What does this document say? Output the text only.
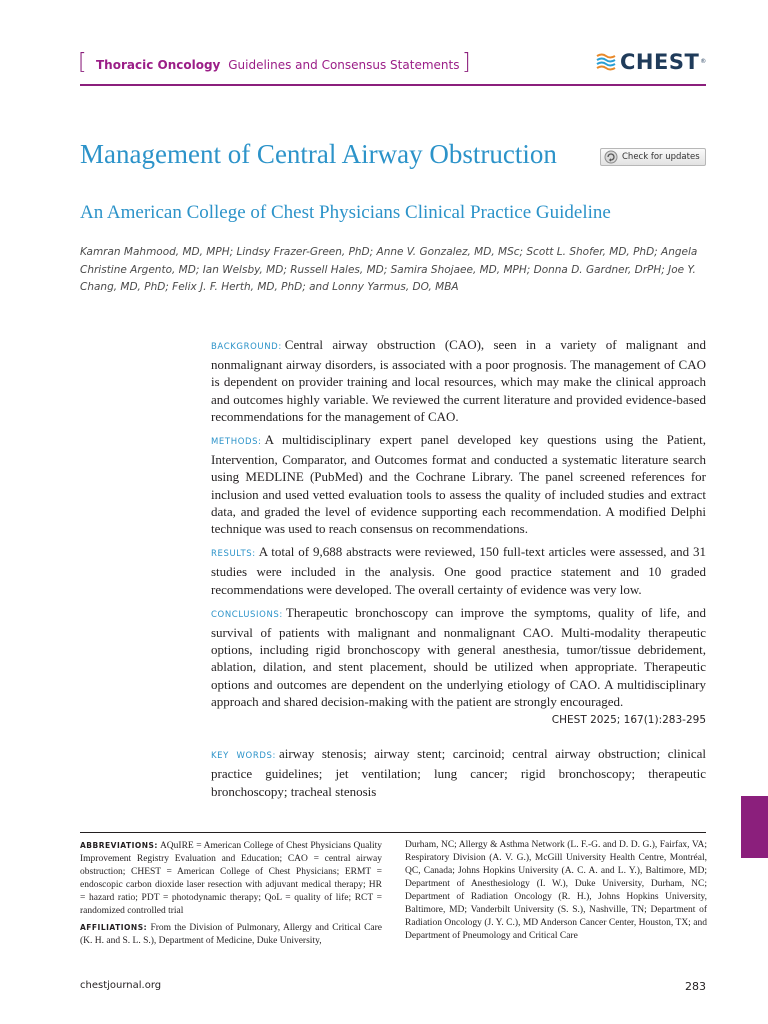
[ Thoracic Oncology Guidelines and Consensus Statements ]	CHEST®
Management of Central Airway Obstruction
An American College of Chest Physicians Clinical Practice Guideline
Check for updates
Kamran Mahmood, MD, MPH; Lindsy Frazer-Green, PhD; Anne V. Gonzalez, MD, MSc; Scott L. Shofer, MD, PhD; Angela Christine Argento, MD; Ian Welsby, MD; Russell Hales, MD; Samira Shojaee, MD, MPH; Donna D. Gardner, DrPH; Joe Y. Chang, MD, PhD; Felix J. F. Herth, MD, PhD; and Lonny Yarmus, DO, MBA

BACKGROUND: Central airway obstruction (CAO), seen in a variety of malignant and nonmalignant airway disorders, is associated with a poor prognosis. The management of CAO is dependent on provider training and local resources, which may make the clinical approach and outcomes highly variable. We reviewed the current literature and provided evidence-based recommendations for the management of CAO.

METHODS: A multidisciplinary expert panel developed key questions using the Patient, Intervention, Comparator, and Outcomes format and conducted a systematic literature search using MEDLINE (PubMed) and the Cochrane Library. The panel screened references for inclusion and used vetted evaluation tools to assess the quality of included studies and extract data, and graded the level of evidence supporting each recommendation. A modified Delphi technique was used to reach consensus on recommendations.

RESULTS: A total of 9,688 abstracts were reviewed, 150 full-text articles were assessed, and 31 studies were included in the analysis. One good practice statement and 10 graded recommendations were developed. The overall certainty of evidence was very low.

CONCLUSIONS: Therapeutic bronchoscopy can improve the symptoms, quality of life, and survival of patients with malignant and nonmalignant CAO. Multi-modality therapeutic options, including rigid bronchoscopy with general anesthesia, tumor/tissue debridement, ablation, dilation, and stent placement, should be utilized when appropriate. Therapeutic options and outcomes are dependent on the underlying etiology of CAO. A multidisciplinary approach and shared decision-making with the patient are strongly encouraged.

CHEST 2025; 167(1):283-295

KEY WORDS: airway stenosis; airway stent; carcinoid; central airway obstruction; clinical practice guidelines; jet ventilation; lung cancer; rigid bronchoscopy; therapeutic bronchoscopy; tracheal stenosis

ABBREVIATIONS: AQuIRE = American College of Chest Physicians Quality Improvement Registry Evaluation and Education; CAO = central airway obstruction; CHEST = American College of Chest Physicians; ERMT = endoscopic carbon dioxide laser resection with adjuvant medical therapy; HR = hazard ratio; PDT = photodynamic therapy; QoL = quality of life; RCT = randomized controlled trial

AFFILIATIONS: From the Division of Pulmonary, Allergy and Critical Care (K. H. and S. L. S.), Department of Medicine, Duke University,

Durham, NC; Allergy & Asthma Network (L. F.-G. and D. D. G.), Fairfax, VA; Respiratory Division (A. V. G.), McGill University Health Centre, Montréal, QC, Canada; Johns Hopkins University (A. C. A. and L. Y.), Baltimore, MD; Department of Anesthesiology (I. W.), Duke University, Durham, NC; Department of Radiation Oncology (R. H.), Johns Hopkins University, Baltimore, MD; Vanderbilt University (S. S.), Nashville, TN; Department of Radiation Oncology (J. Y. C.), MD Anderson Cancer Center, Houston, TX; and Department of Pneumology and Critical Care

chestjournal.org	283
